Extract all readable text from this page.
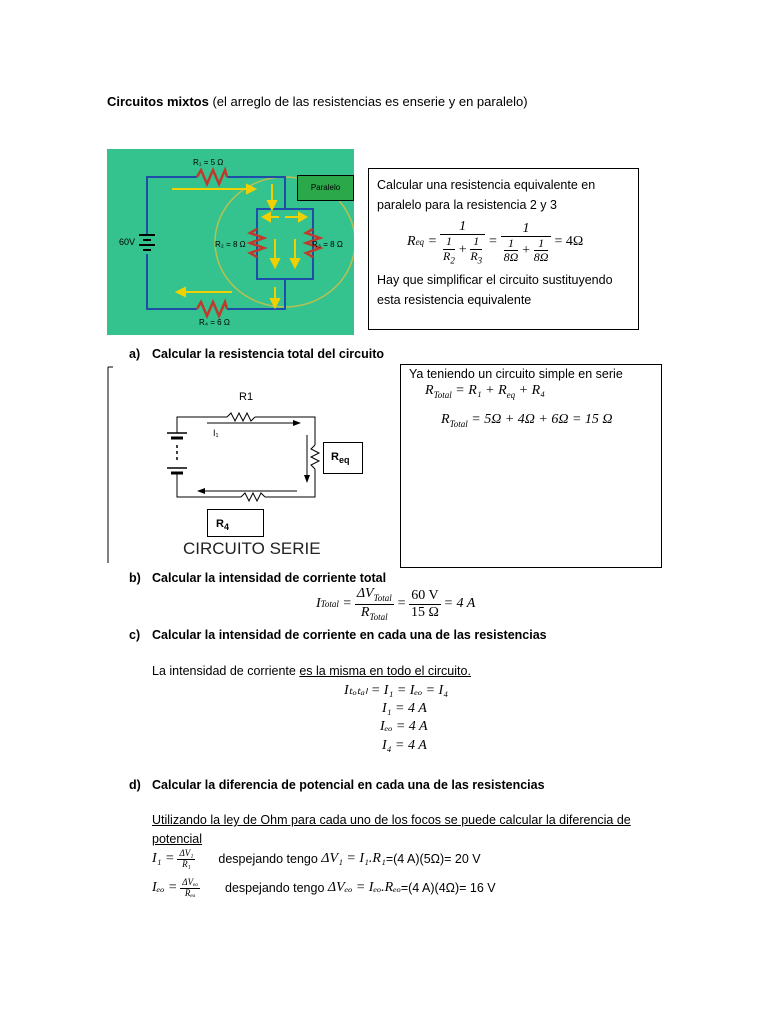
Circuitos mixtos (el arreglo de las resistencias es enserie y en paralelo)
R₁ = 5 Ω
R₂ = 8 Ω	R₃ = 8 Ω
R₄ = 6 Ω
60V
Paralelo	Calcular una resistencia equivalente en
paralelo para la resistencia 2 y 3
R eq = $\frac{1}{\frac{1}{R_2} + \frac{1}{R_3}} = \frac{1}{\frac{1}{8\Omega} + \frac{1}{8\Omega}} = 4\Omega$
Hay que simplificar el circuito sustituyendo
esta resistencia equivalente
a) Calcular la resistencia total del circuito
R1
I₁
$R_{eq}$
$R_4$
CIRCUITO SERIE
Ya teniendo un circuito simple en serie
$R_{Total} = R_1 + R_{eq} + R_4$
$R_{Total} = 5\Omega + 4\Omega + 6\Omega = 15$ Ω
b) Calcular la intensidad de corriente total
I Total = $\frac{\Delta V_{Total}}{R_{Total}} = \frac{60 V}{15 \Omega} = 4$ A
c) Calcular la intensidad de corriente en cada una de las resistencias
La intensidad de corriente es la misma en todo el circuito.
Iₜₒₜₐₗ = I₁ = Iₑₒ = I₄
I₁ = 4 A
Iₑₒ = 4 A
I₄ = 4 A
d) Calcular la diferencia de potencial en cada una de las resistencias
Utilizando la ley de Ohm para cada uno de los focos se puede calcular la diferencia de
potencial
$I_1 = \frac{\text{ΔV₁}}{\text{R₁}}$ despejando tengo
ΔV₁ = I₁.R₁ =(4 A)(5Ω)= 20 V
$I_{eo} = \frac{\text{ΔVₑₒ}}{\text{Rₑₒ}}$ despejando tengo
ΔVₑₒ = Iₑₒ.Rₑₒ =(4 A)(4Ω)= 16 V
